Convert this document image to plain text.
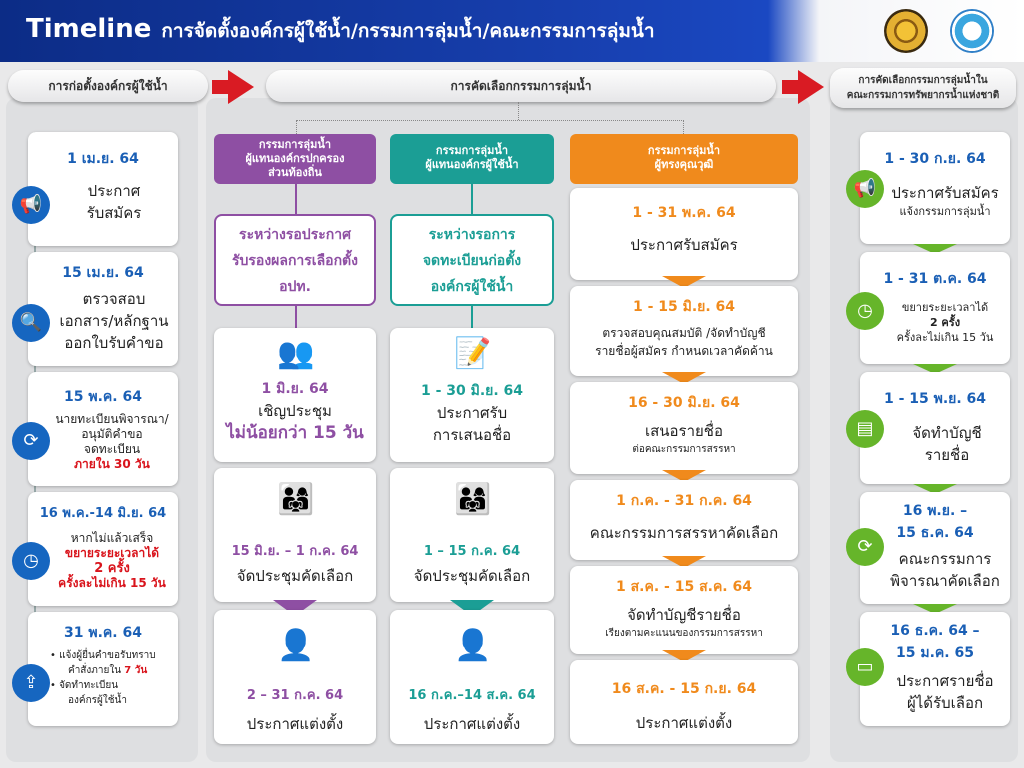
Timeline การจัดตั้งองค์กรผู้ใช้น้ำ/กรรมการลุ่มน้ำ/คณะกรรมการลุ่มน้ำ
การก่อตั้งองค์กรผู้ใช้น้ำ	การคัดเลือกกรรมการลุ่มน้ำ	การคัดเลือกกรรมการลุ่มน้ำใน
คณะกรรมการทรัพยากรน้ำแห่งชาติ
1 เม.ย. 64
ประกาศ
รับสมัคร
📢
15 เม.ย. 64
ตรวจสอบ
เอกสาร/หลักฐาน
ออกใบรับคำขอ
🔍
15 พ.ค. 64
นายทะเบียนพิจารณา/
อนุมัติคำขอ
จดทะเบียน
ภายใน 30 วัน
⟳
16 พ.ค.-14 มิ.ย. 64
หากไม่แล้วเสร็จ
ขยายระยะเวลาได้
2 ครั้ง
ครั้งละไม่เกิน 15 วัน
◷
31 พ.ค. 64
• แจ้งผู้ยื่นคำขอรับทราบ
คำสั่งภายใน 7 วัน
• จัดทำทะเบียน
องค์กรผู้ใช้น้ำ
⇪
กรรมการลุ่มน้ำ
ผู้แทนองค์กรปกครอง
ส่วนท้องถิ่น
ระหว่างรอประกาศ
รับรองผลการเลือกตั้ง
อปท.
👥
1 มิ.ย. 64
เชิญประชุม
ไม่น้อยกว่า 15 วัน
👨‍👩‍👧
15 มิ.ย. – 1 ก.ค. 64
จัดประชุมคัดเลือก
👤
2 – 31 ก.ค. 64
ประกาศแต่งตั้ง
กรรมการลุ่มน้ำ
ผู้แทนองค์กรผู้ใช้น้ำ
ระหว่างรอการ
จดทะเบียนก่อตั้ง
องค์กรผู้ใช้น้ำ
📝
1 - 30 มิ.ย. 64
ประกาศรับ
การเสนอชื่อ
👨‍👩‍👧
1 – 15 ก.ค. 64
จัดประชุมคัดเลือก
👤
16 ก.ค.–14 ส.ค. 64
ประกาศแต่งตั้ง
กรรมการลุ่มน้ำ
ผู้ทรงคุณวุฒิ
1 - 31 พ.ค. 64
ประกาศรับสมัคร
1 - 15 มิ.ย. 64
ตรวจสอบคุณสมบัติ /จัดทำบัญชี
รายชื่อผู้สมัคร กำหนดเวลาคัดค้าน
16 - 30 มิ.ย. 64
เสนอรายชื่อ
ต่อคณะกรรมการสรรหา
1 ก.ค. - 31 ก.ค. 64
คณะกรรมการสรรหาคัดเลือก
1 ส.ค. - 15 ส.ค. 64
จัดทำบัญชีรายชื่อ
เรียงตามคะแนนของกรรมการสรรหา
16 ส.ค. - 15 ก.ย. 64
ประกาศแต่งตั้ง
1 - 30 ก.ย. 64
ประกาศรับสมัคร
แจ้งกรรมการลุ่มน้ำ
📢
1 - 31 ต.ค. 64
ขยายระยะเวลาได้
2 ครั้ง
ครั้งละไม่เกิน 15 วัน
◷
1 - 15 พ.ย. 64
จัดทำบัญชี
รายชื่อ
▤
16 พ.ย. –
15 ธ.ค. 64
คณะกรรมการ
พิจารณาคัดเลือก
⟳
16 ธ.ค. 64 –
15 ม.ค. 65
ประกาศรายชื่อ
ผู้ได้รับเลือก
▭
